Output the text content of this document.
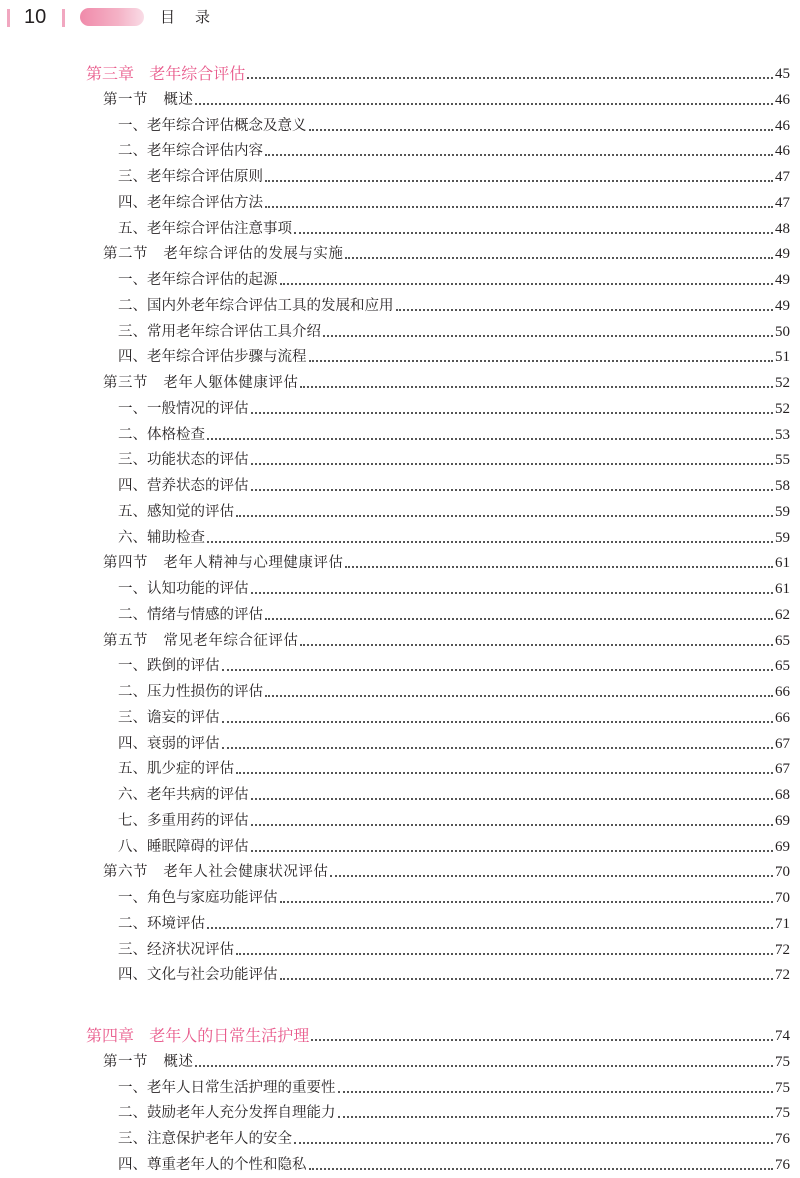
10	目录
第三章   老年综合评估	45
第一节   概述	46
一、老年综合评估概念及意义	46
二、老年综合评估内容	46
三、老年综合评估原则	47
四、老年综合评估方法	47
五、老年综合评估注意事项	48
第二节   老年综合评估的发展与实施	49
一、老年综合评估的起源	49
二、国内外老年综合评估工具的发展和应用	49
三、常用老年综合评估工具介绍	50
四、老年综合评估步骤与流程	51
第三节   老年人躯体健康评估	52
一、一般情况的评估	52
二、体格检查	53
三、功能状态的评估	55
四、营养状态的评估	58
五、感知觉的评估	59
六、辅助检查	59
第四节   老年人精神与心理健康评估	61
一、认知功能的评估	61
二、情绪与情感的评估	62
第五节   常见老年综合征评估	65
一、跌倒的评估	65
二、压力性损伤的评估	66
三、谵妄的评估	66
四、衰弱的评估	67
五、肌少症的评估	67
六、老年共病的评估	68
七、多重用药的评估	69
八、睡眠障碍的评估	69
第六节   老年人社会健康状况评估	70
一、角色与家庭功能评估	70
二、环境评估	71
三、经济状况评估	72
四、文化与社会功能评估	72
第四章   老年人的日常生活护理	74
第一节   概述	75
一、老年人日常生活护理的重要性	75
二、鼓励老年人充分发挥自理能力	75
三、注意保护老年人的安全	76
四、尊重老年人的个性和隐私	76
